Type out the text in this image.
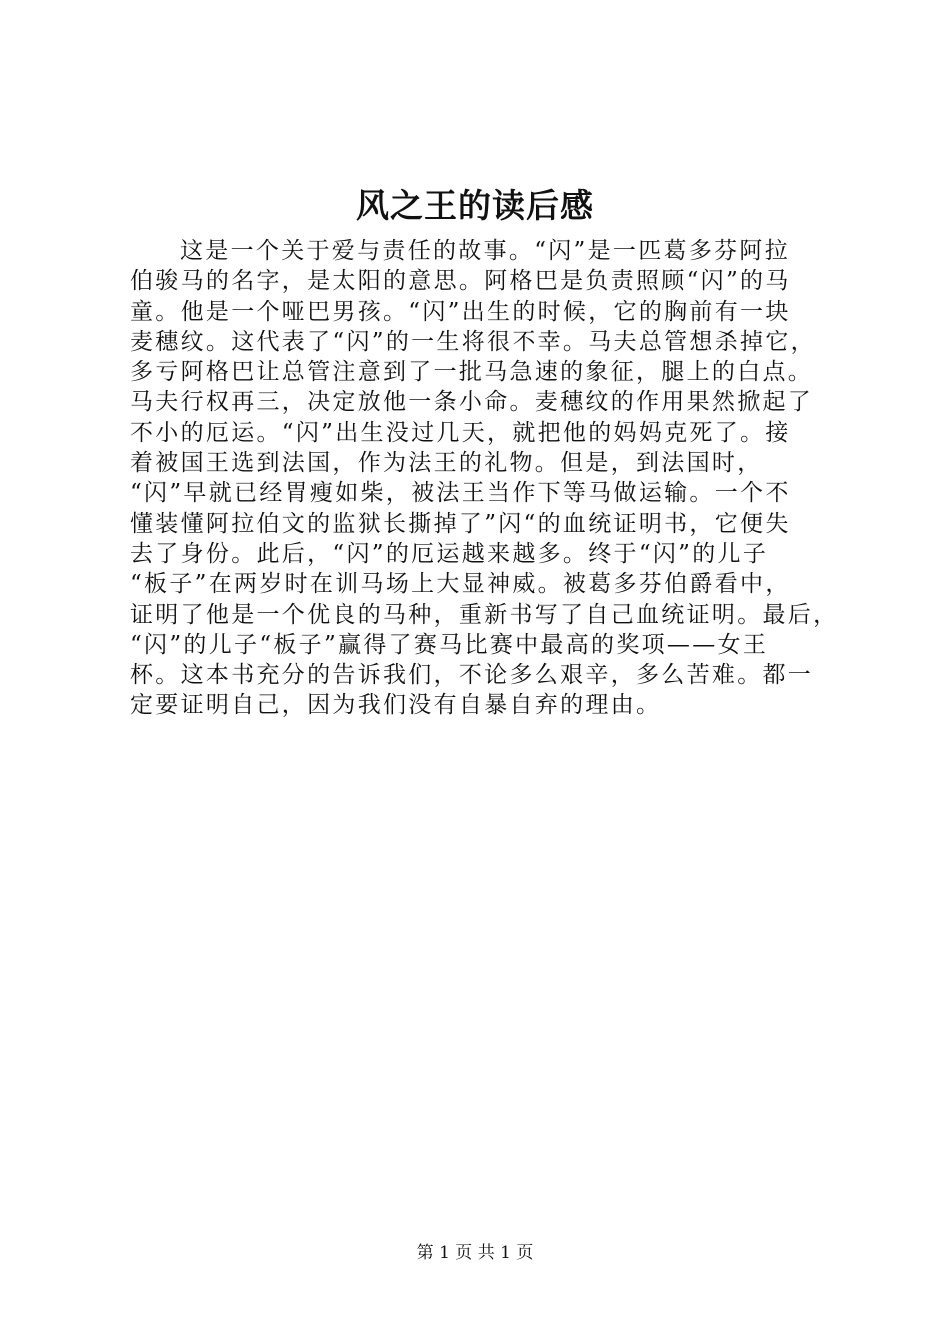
风之王的读后感
这是一个关于爱与责任的故事。“闪”是一匹葛多芬阿拉
伯骏马的名字，是太阳的意思。阿格巴是负责照顾“闪”的马
童。他是一个哑巴男孩。“闪”出生的时候，它的胸前有一块
麦穗纹。这代表了“闪”的一生将很不幸。马夫总管想杀掉它，
多亏阿格巴让总管注意到了一批马急速的象征，腿上的白点。
马夫行权再三，决定放他一条小命。麦穗纹的作用果然掀起了
不小的厄运。“闪”出生没过几天，就把他的妈妈克死了。接
着被国王选到法国，作为法王的礼物。但是，到法国时，
“闪”早就已经胃瘦如柴，被法王当作下等马做运输。一个不
懂装懂阿拉伯文的监狱长撕掉了”闪“的血统证明书，它便失
去了身份。此后，“闪”的厄运越来越多。终于“闪”的儿子
“板子”在两岁时在训马场上大显神威。被葛多芬伯爵看中，
证明了他是一个优良的马种，重新书写了自己血统证明。最后，
“闪”的儿子“板子”赢得了赛马比赛中最高的奖项——女王
杯。这本书充分的告诉我们，不论多么艰辛，多么苦难。都一
定要证明自己，因为我们没有自暴自弃的理由。
第 1 页 共 1 页
